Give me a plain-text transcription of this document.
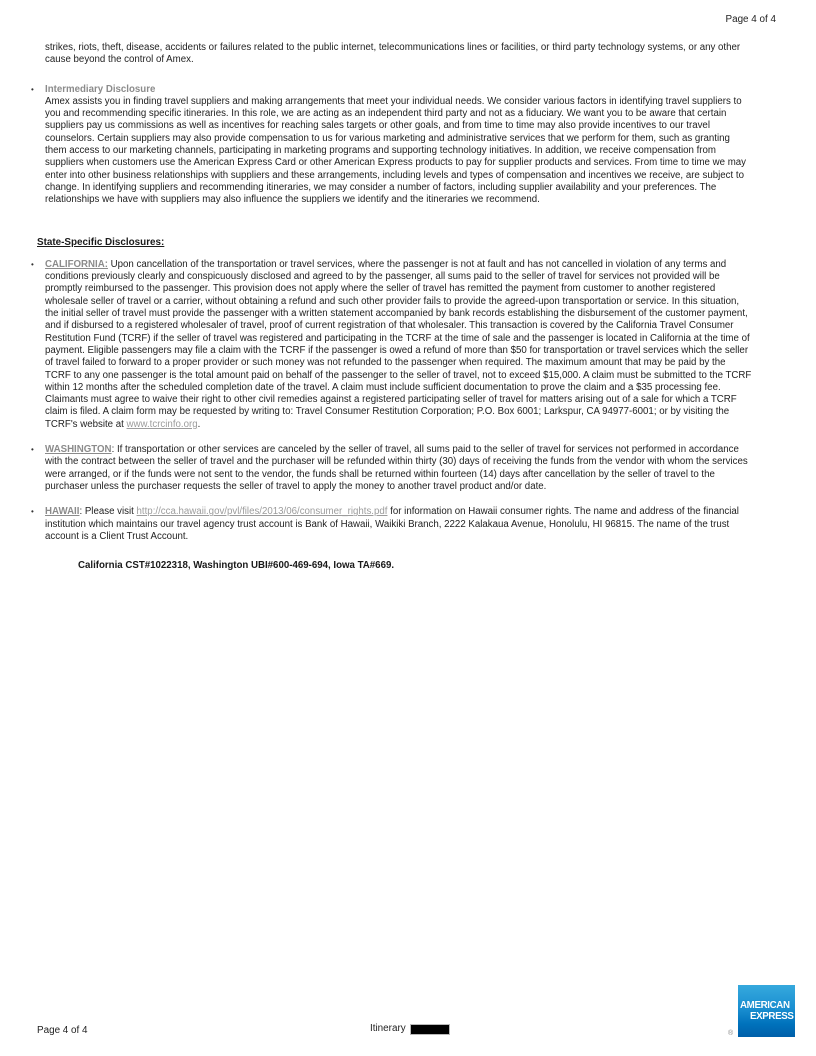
Page 4 of 4

strikes, riots, theft, disease, accidents or failures related to the public internet, telecommunications lines or facilities, or third party technology systems, or any other cause beyond the control of Amex.

•	Intermediary Disclosure

Amex assists you in finding travel suppliers and making arrangements that meet your individual needs. We consider various factors in identifying travel suppliers to you and recommending specific itineraries. In this role, we are acting as an independent third party and not as a fiduciary. We want you to be aware that certain suppliers pay us commissions as well as incentives for reaching sales targets or other goals, and from time to time may also provide incentives to our travel counselors. Certain suppliers may also provide compensation to us for various marketing and administrative services that we perform for them, such as granting them access to our marketing channels, participating in marketing programs and supporting technology initiatives. In addition, we receive compensation from suppliers when customers use the American Express Card or other American Express products to pay for supplier products and services. From time to time we may enter into other business relationships with suppliers and these arrangements, including levels and types of compensation and incentives we receive, are subject to change. In identifying suppliers and recommending itineraries, we may consider a number of factors, including supplier availability and your preferences. The relationships we have with suppliers may also influence the suppliers we identify and the itineraries we recommend.

State-Specific Disclosures:
•	CALIFORNIA: Upon cancellation of the transportation or travel services, where the passenger is not at fault and has not cancelled in violation of any terms and conditions previously clearly and conspicuously disclosed and agreed to by the passenger, all sums paid to the seller of travel for services not provided will be promptly reimbursed to the passenger. This provision does not apply where the seller of travel has remitted the payment from customer to another registered wholesale seller of travel or a carrier, without obtaining a refund and such other provider fails to provide the agreed-upon transportation or service. In this situation, the initial seller of travel must provide the passenger with a written statement accompanied by bank records establishing the disbursement of the customer payment, and if disbursed to a registered wholesaler of travel, proof of current registration of that wholesaler. This transaction is covered by the California Travel Consumer Restitution Fund (TCRF) if the seller of travel was registered and participating in the TCRF at the time of sale and the passenger is located in California at the time of payment. Eligible passengers may file a claim with the TCRF if the passenger is owed a refund of more than $50 for transportation or travel services which the seller of travel failed to forward to a proper provider or such money was not refunded to the passenger when required. The maximum amount that may be paid by the TCRF to any one passenger is the total amount paid on behalf of the passenger to the seller of travel, not to exceed $15,000. A claim must be submitted to the TCRF within 12 months after the scheduled completion date of the travel. A claim must include sufficient documentation to prove the claim and a $35 processing fee. Claimants must agree to waive their right to other civil remedies against a registered participating seller of travel for matters arising out of a sale for which a TCRF claim is filed. A claim form may be requested by writing to: Travel Consumer Restitution Corporation; P.O. Box 6001; Larkspur, CA 94977-6001; or by visiting the TCRF's website at www.tcrcinfo.org.

•	WASHINGTON: If transportation or other services are canceled by the seller of travel, all sums paid to the seller of travel for services not performed in accordance with the contract between the seller of travel and the purchaser will be refunded within thirty (30) days of receiving the funds from the vendor with whom the services were arranged, or if the funds were not sent to the vendor, the funds shall be returned within fourteen (14) days after cancellation by the seller of travel to the purchaser unless the purchaser requests the seller of travel to apply the money to another travel product and/or date.

•	HAWAII: Please visit http://cca.hawaii.gov/pvl/files/2013/06/consumer_rights.pdf for information on Hawaii consumer rights. The name and address of the financial institution which maintains our travel agency trust account is Bank of Hawaii, Waikiki Branch, 2222 Kalakaua Avenue, Honolulu, HI 96815. The name of the trust account is a Client Trust Account.

California CST#1022318, Washington UBI#600-469-694, Iowa TA#669.

Page 4 of 4	Itinerary
AMERICAN
EXPRESS
®
